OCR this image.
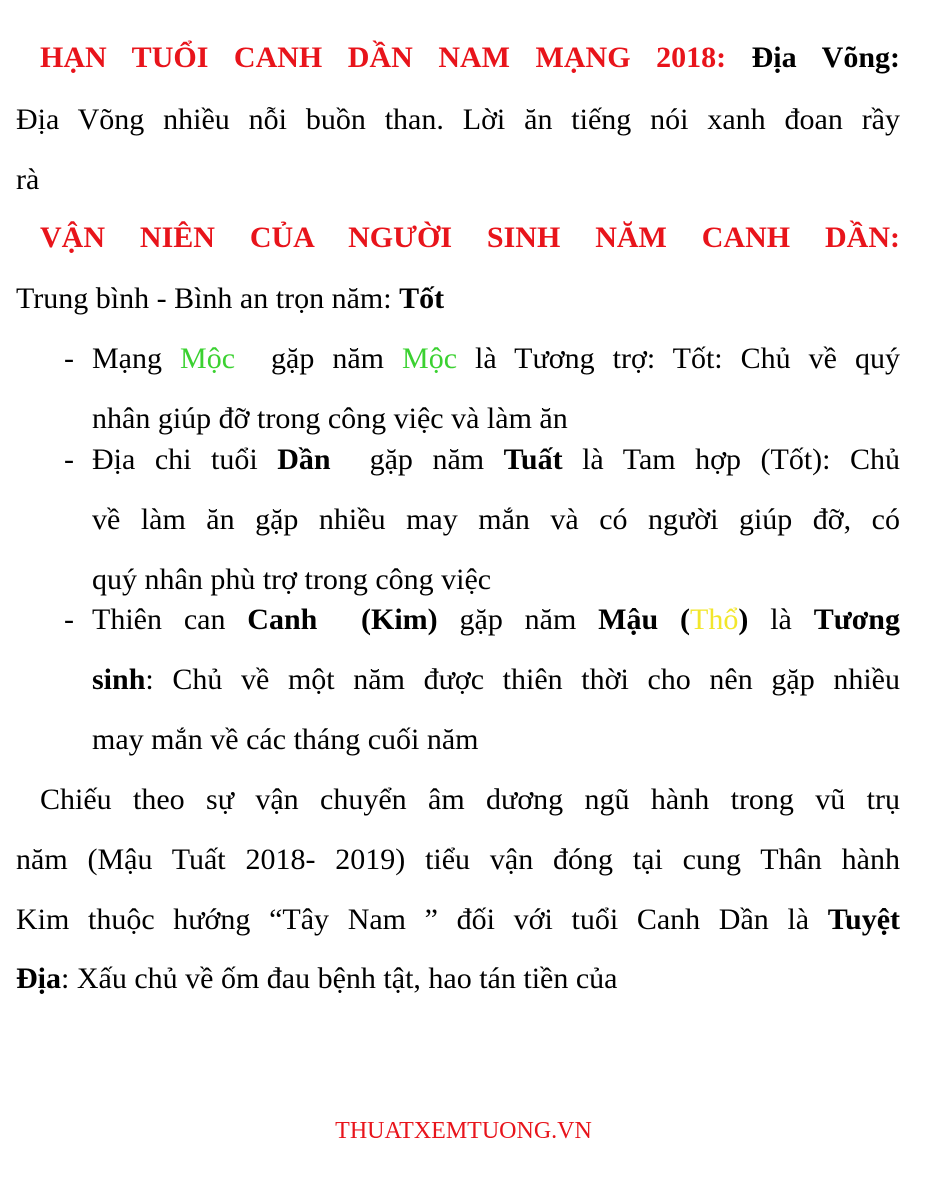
HẠN TUỔI CANH DẦN NAM MẠNG 2018: Địa Võng:
Địa Võng nhiều nỗi buồn than. Lời ăn tiếng nói xanh đoan rầy
rà
VẬN NIÊN CỦA NGƯỜI SINH NĂM CANH DẦN:
Trung bình - Bình an trọn năm: Tốt
- Mạng Mộc  gặp năm Mộc là Tương trợ: Tốt: Chủ về quý
nhân giúp đỡ trong công việc và làm ăn
- Địa chi tuổi Dần  gặp năm Tuất là Tam hợp (Tốt): Chủ
về làm ăn gặp nhiều may mắn và có người giúp đỡ, có
quý nhân phù trợ trong công việc
- Thiên can Canh  (Kim) gặp năm Mậu (Thổ) là Tương
sinh: Chủ về một năm được thiên thời cho nên gặp nhiều
may mắn về các tháng cuối năm
Chiếu theo sự vận chuyển âm dương ngũ hành trong vũ trụ
năm (Mậu Tuất 2018- 2019) tiểu vận đóng tại cung Thân hành
Kim thuộc hướng “Tây Nam ” đối với tuổi Canh Dần là Tuyệt
Địa: Xấu chủ về ốm đau bệnh tật, hao tán tiền của
THUATXEMTUONG.VN
